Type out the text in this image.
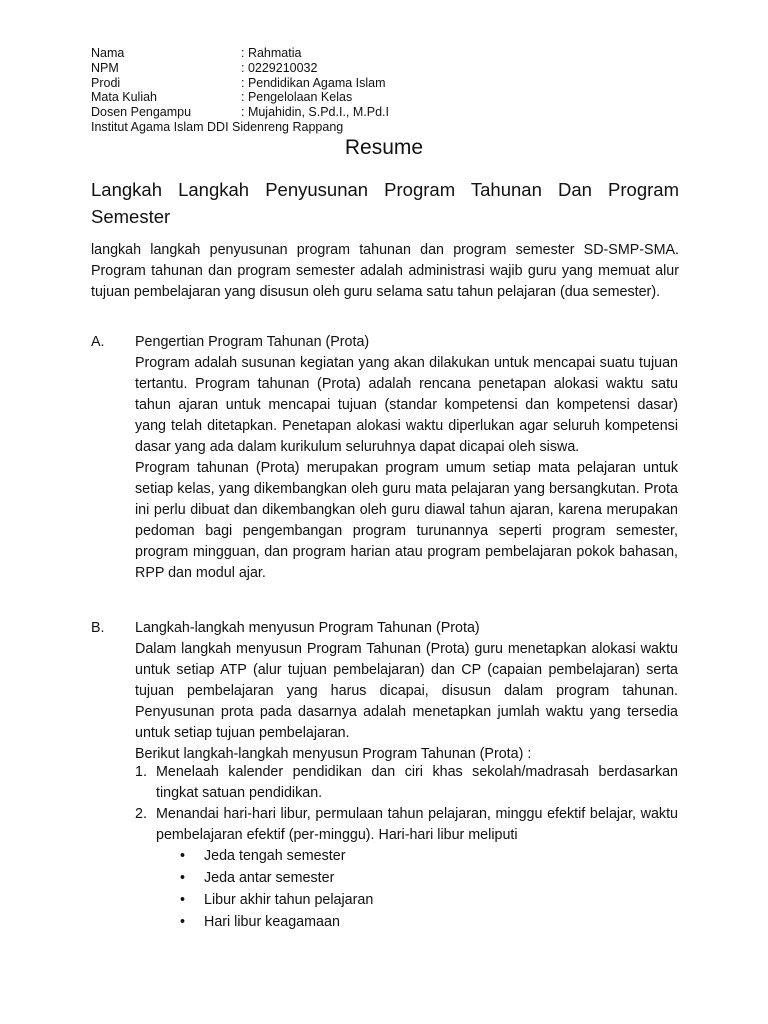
Nama	: Rahmatia
NPM	: 0229210032
Prodi	: Pendidikan Agama Islam
Mata Kuliah	: Pengelolaan Kelas
Dosen Pengampu	: Mujahidin, S.Pd.I., M.Pd.I
Institut Agama Islam DDI Sidenreng Rappang
Resume
Langkah Langkah Penyusunan Program Tahunan Dan Program Semester
langkah langkah penyusunan program tahunan dan program semester SD-SMP-SMA. Program tahunan dan program semester adalah administrasi wajib guru yang memuat alur tujuan pembelajaran yang disusun oleh guru selama satu tahun pelajaran (dua semester).
A.	Pengertian Program Tahunan (Prota)
Program adalah susunan kegiatan yang akan dilakukan untuk mencapai suatu tujuan tertantu. Program tahunan (Prota) adalah rencana penetapan alokasi waktu satu tahun ajaran untuk mencapai tujuan (standar kompetensi dan kompetensi dasar) yang telah ditetapkan. Penetapan alokasi waktu diperlukan agar seluruh kompetensi dasar yang ada dalam kurikulum seluruhnya dapat dicapai oleh siswa.
Program tahunan (Prota) merupakan program umum setiap mata pelajaran untuk setiap kelas, yang dikembangkan oleh guru mata pelajaran yang bersangkutan. Prota ini perlu dibuat dan dikembangkan oleh guru diawal tahun ajaran, karena merupakan pedoman bagi pengembangan program turunannya seperti program semester, program mingguan, dan program harian atau program pembelajaran pokok bahasan, RPP dan modul ajar.
B.	Langkah-langkah menyusun Program Tahunan (Prota)
Dalam langkah menyusun Program Tahunan (Prota) guru menetapkan alokasi waktu untuk setiap ATP (alur tujuan pembelajaran) dan CP (capaian pembelajaran) serta tujuan pembelajaran yang harus dicapai, disusun dalam program tahunan. Penyusunan prota pada dasarnya adalah menetapkan jumlah waktu yang tersedia untuk setiap tujuan pembelajaran.
Berikut langkah-langkah menyusun Program Tahunan (Prota) :
1. Menelaah kalender pendidikan dan ciri khas sekolah/madrasah berdasarkan tingkat satuan pendidikan.
2. Menandai hari-hari libur, permulaan tahun pelajaran, minggu efektif belajar, waktu pembelajaran efektif (per-minggu). Hari-hari libur meliputi
•	Jeda tengah semester
•	Jeda antar semester
•	Libur akhir tahun pelajaran
•	Hari libur keagamaan
